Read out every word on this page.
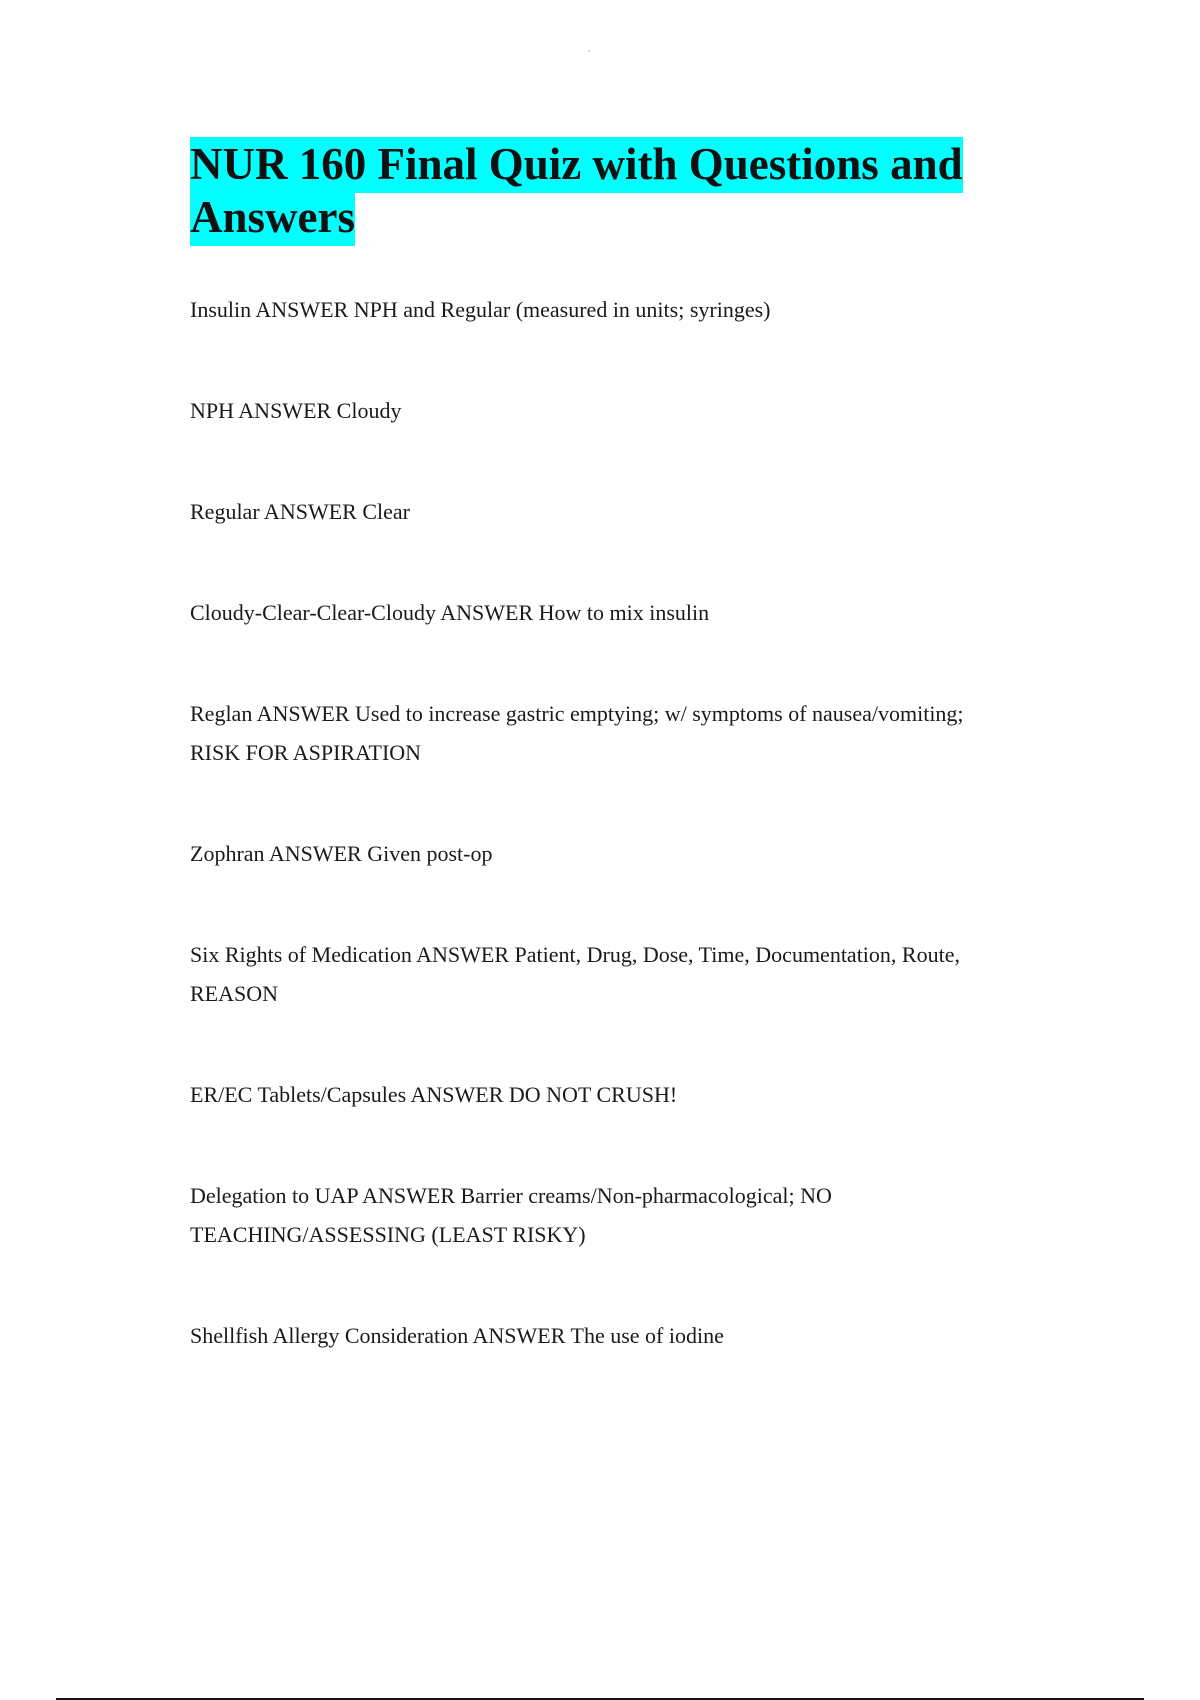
NUR 160 Final Quiz with Questions and Answers
Insulin ANSWER NPH and Regular (measured in units; syringes)
NPH ANSWER Cloudy
Regular ANSWER Clear
Cloudy-Clear-Clear-Cloudy ANSWER How to mix insulin
Reglan ANSWER Used to increase gastric emptying; w/ symptoms of nausea/vomiting; RISK FOR ASPIRATION
Zophran ANSWER Given post-op
Six Rights of Medication ANSWER Patient, Drug, Dose, Time, Documentation, Route, REASON
ER/EC Tablets/Capsules ANSWER DO NOT CRUSH!
Delegation to UAP ANSWER Barrier creams/Non-pharmacological; NO TEACHING/ASSESSING (LEAST RISKY)
Shellfish Allergy Consideration ANSWER The use of iodine
